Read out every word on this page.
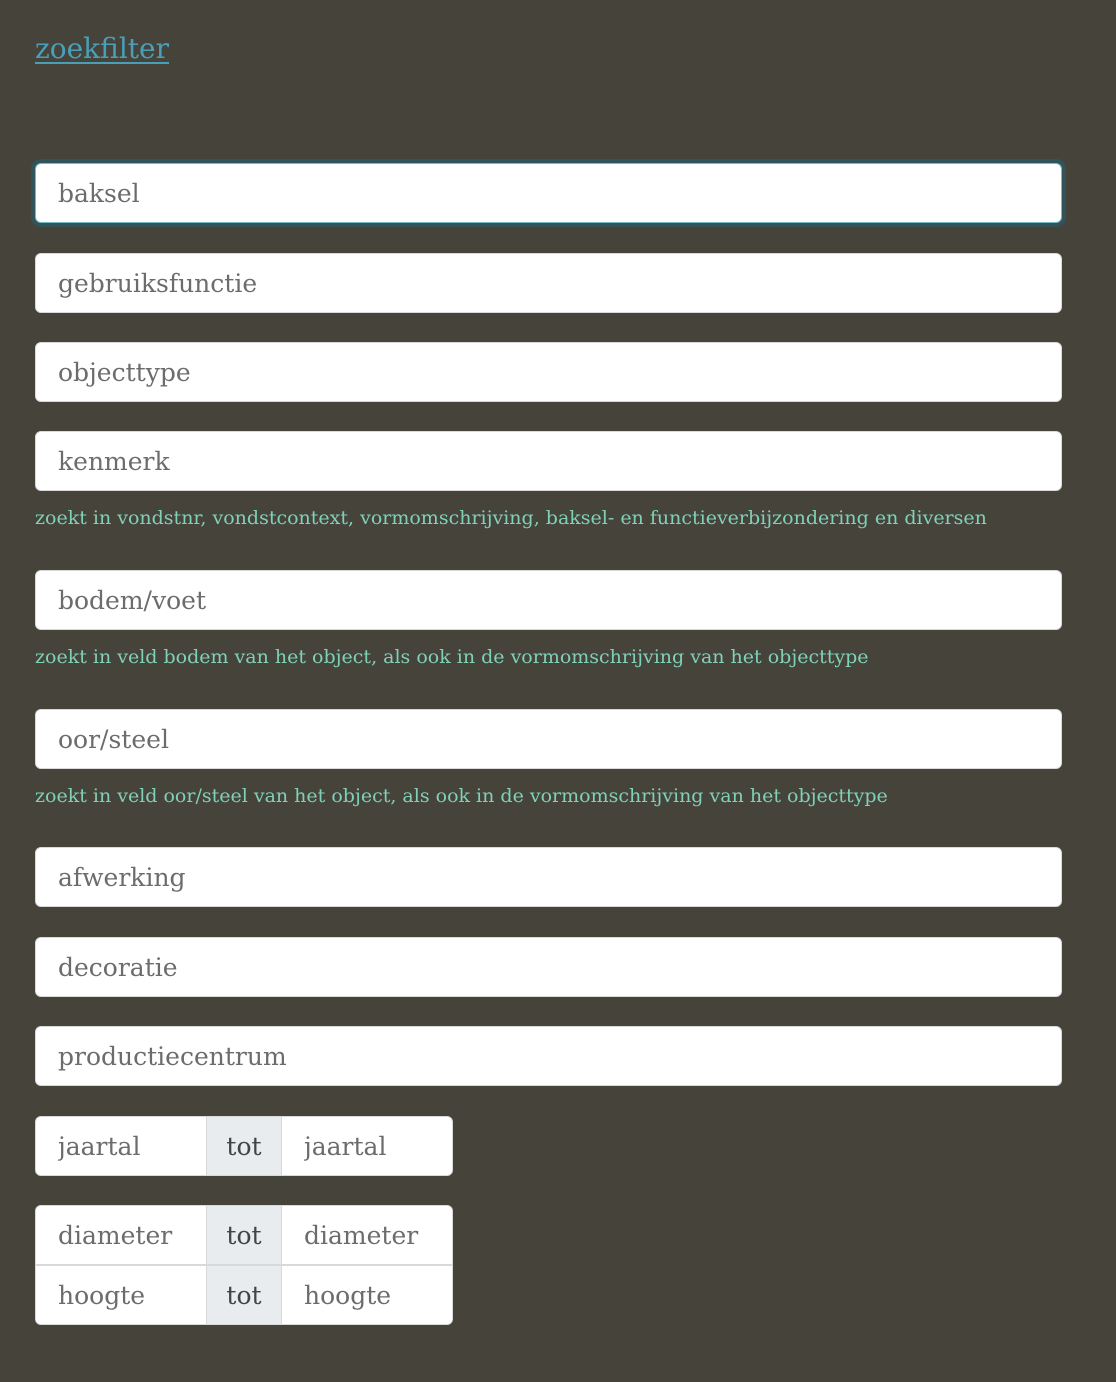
zoekfilter
baksel
gebruiksfunctie
objecttype
kenmerk
zoekt in vondstnr, vondstcontext, vormomschrijving, baksel- en functieverbijzondering en diversen
bodem/voet
zoekt in veld bodem van het object, als ook in de vormomschrijving van het objecttype
oor/steel
zoekt in veld oor/steel van het object, als ook in de vormomschrijving van het objecttype
afwerking
decoratie
productiecentrum
jaartal
tot
jaartal
diameter
tot
diameter
hoogte
tot
hoogte
